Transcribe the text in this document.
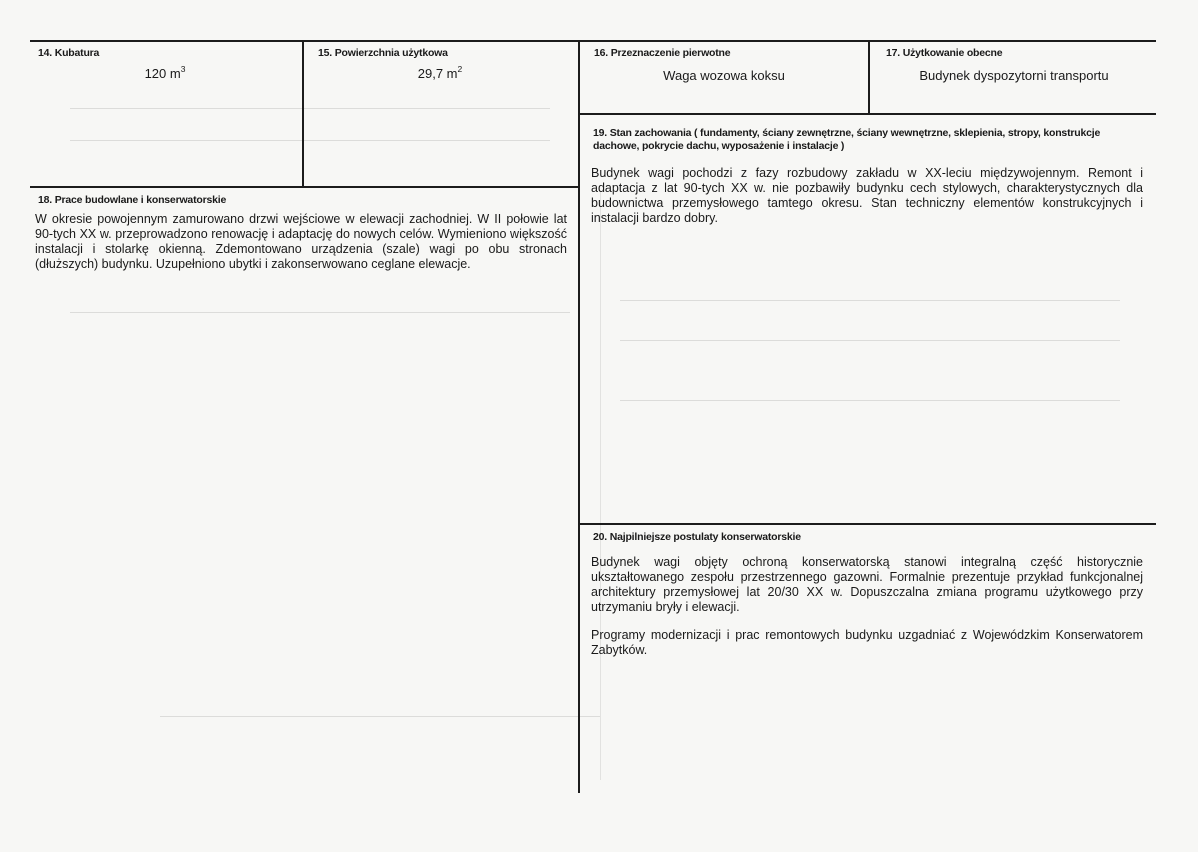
14. Kubatura
120 $m^3$
15. Powierzchnia użytkowa
29,7 $m^2$
16. Przeznaczenie pierwotne
Waga wozowa koksu
17. Użytkowanie obecne
Budynek dyspozytorni transportu
18. Prace budowlane i konserwatorskie

W okresie powojennym zamurowano drzwi wejściowe w elewacji zachodniej. W II połowie lat 90-tych XX w. przeprowadzono renowację i adaptację do nowych celów. Wymieniono większość instalacji i stolarkę okienną. Zdemontowano urządzenia (szale) wagi po obu stronach (dłuższych) budynku. Uzupełniono ubytki i zakonserwowano ceglane elewacje.

19. Stan zachowania ( fundamenty, ściany zewnętrzne, ściany wewnętrzne, sklepienia, stropy, konstrukcje dachowe, pokrycie dachu, wyposażenie i instalacje )

Budynek wagi pochodzi z fazy rozbudowy zakładu w XX-leciu międzywojennym. Remont i adaptacja z lat 90-tych XX w. nie pozbawiły budynku cech stylowych, charakterystycznych dla budownictwa przemysłowego tamtego okresu. Stan techniczny elementów konstrukcyjnych i instalacji bardzo dobry.

20. Najpilniejsze postulaty konserwatorskie

Budynek wagi objęty ochroną konserwatorską stanowi integralną część historycznie ukształtowanego zespołu przestrzennego gazowni. Formalnie prezentuje przykład funkcjonalnej architektury przemysłowej lat 20/30 XX w. Dopuszczalna zmiana programu użytkowego przy utrzymaniu bryły i elewacji.

Programy modernizacji i prac remontowych budynku uzgadniać z Wojewódzkim Konserwatorem Zabytków.
